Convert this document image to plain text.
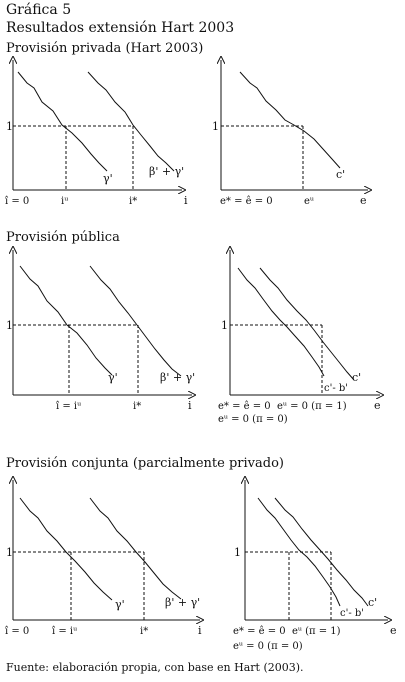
Gráfica 5
Resultados extensión Hart 2003
Provisión privada (Hart 2003)
Provisión pública
Provisión conjunta (parcialmente privado)
1
γ'
β' + γ'
î = 0	iᵘ	i*	i
1
c'
e* = ê = 0	eᵘ	e
1
γ'	β' + γ'
î = iᵘ	i*	i
1
c'- b'
c'
e* = ê = 0 eᵘ = 0 (π = 1)
eᵘ = 0 (π = 0)
e
1
γ'	β' + γ'
î = 0 î = iᵘ	i*	i
1
c'- b'
c'
e* = ê = 0 eᵘ (π = 1)
eᵘ = 0 (π = 0)
e
Fuente: elaboración propia, con base en Hart (2003).
